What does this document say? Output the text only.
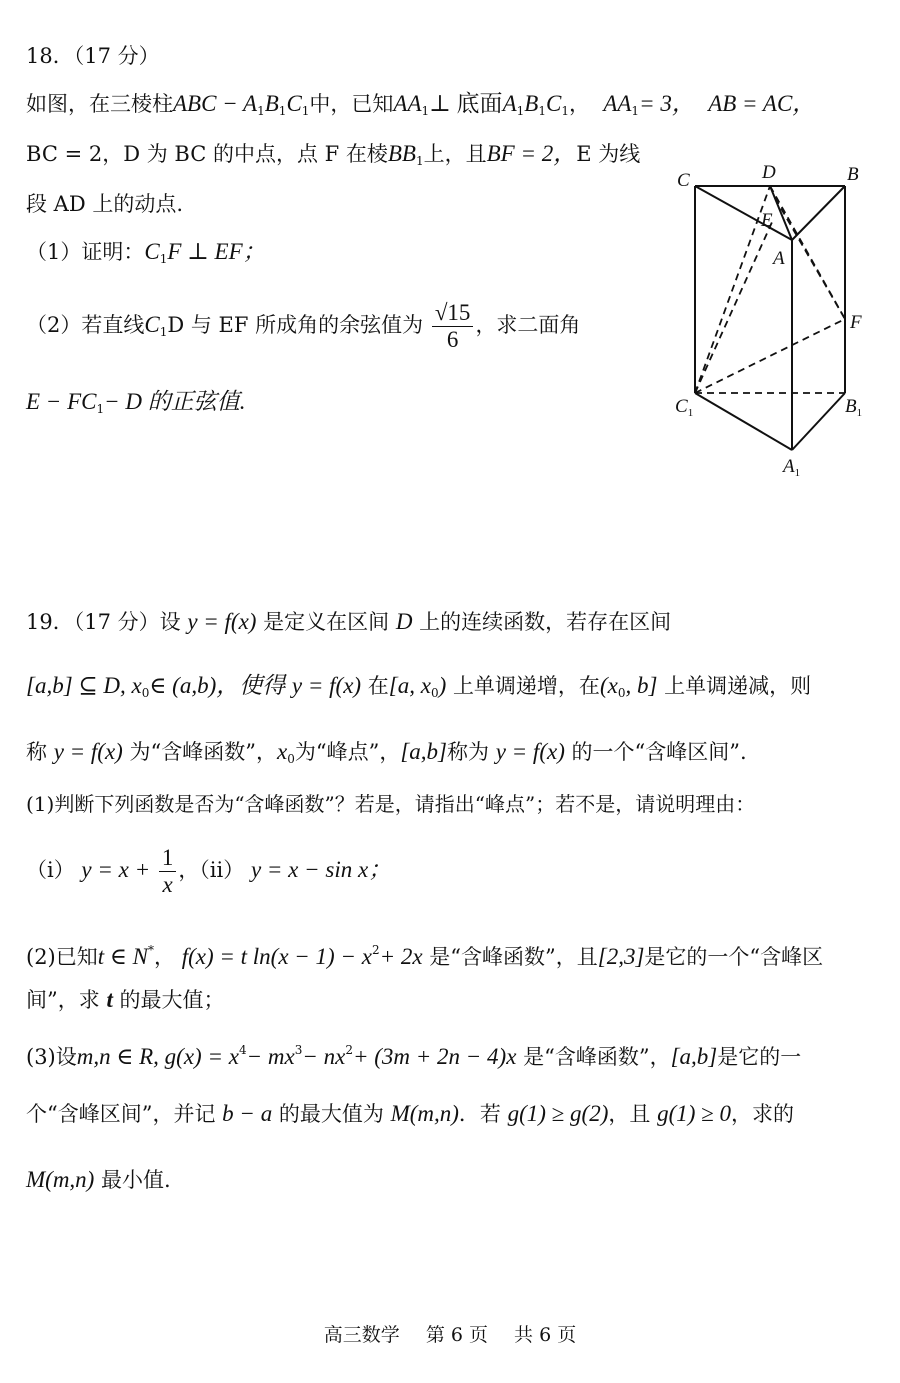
18．（17 分）
如图，在三棱柱ABC − $A_1B_1C_1$中，已知$AA_1\perp$ 底面$A_1B_1C_1$，  $AA_1= 3$， AB = AC，
BC = 2，D 为 BC 的中点，点 F 在棱$BB_1$上，且BF = 2，E 为线
段 AD 上的动点.
（1）证明：$C_1F$ ⊥ EF；
（2）若直线$C_1D$ 与 EF 所成角的余弦值为 $\frac{√15}{6}$ ，求二面角
$E - FC_1- D$ 的正弦值.
C	D	B
E
A
F
$C_1$	$B_1$
$A_1$
19．（17 分）设 y = f(x) 是定义在区间 D 上的连续函数，若存在区间
[a,b] ⊆ D, $x_0\in$ (a,b)，使得 y = f(x) 在[a, $x_0$) 上单调递增，在($x_0$, b] 上单调递减，则
称 y = f(x) 为“含峰函数”，$x_0$为“峰点”，[a,b]称为 y = f(x) 的一个“含峰区间”.
(1)判断下列函数是否为“含峰函数”？若是，请指出“峰点”；若不是，请说明理由：
（i） $y = x + \frac{1}{x}$ ，（ii） y = x − sin x；
(2)已知t ∈ N*， f(x) = t $\ln(x - 1) - x^2+ 2x$ 是“含峰函数”，且[2,3]是它的一个“含峰区
间”，求 t 的最大值；
(3)设m,n ∈ R, $g(x) = x^4- mx^3- nx^2+ (3m + 2n - 4)x$ 是“含峰函数”，[a,b]是它的一
个“含峰区间”，并记 b − a 的最大值为 M(m,n)．若 g(1) ≥ g(2)，且 g(1) ≥ 0，求的
M(m,n) 最小值.
高三数学 第 6 页 共 6 页
